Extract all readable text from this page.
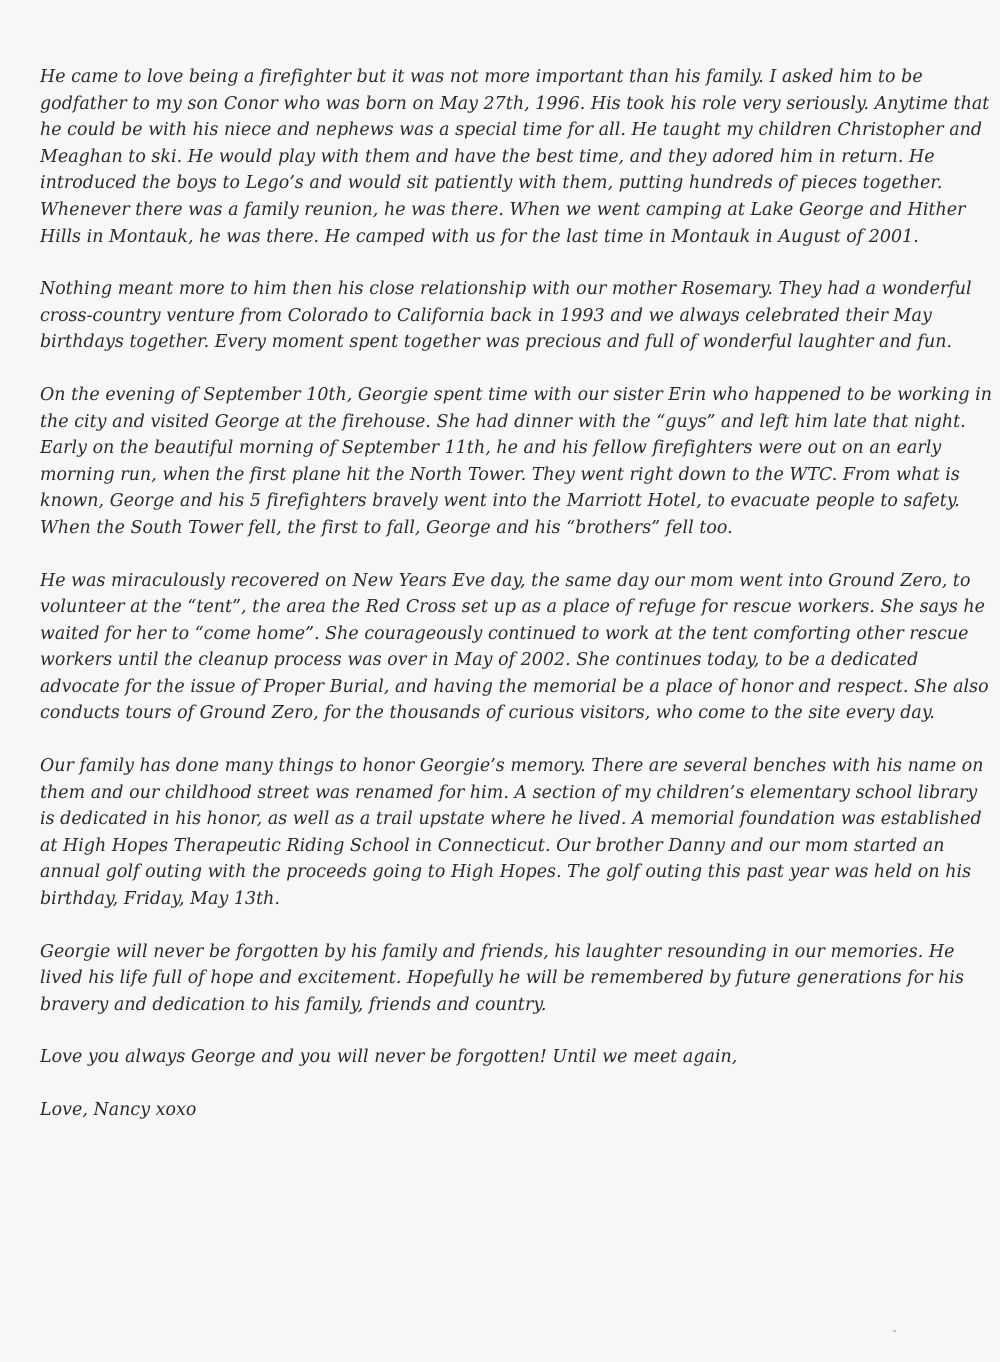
He came to love being a firefighter but it was not more important than his family. I asked him to be godfather to my son Conor who was born on May 27th, 1996. His took his role very seriously. Anytime that he could be with his niece and nephews was a special time for all. He taught my children Christopher and Meaghan to ski. He would play with them and have the best time, and they adored him in return. He introduced the boys to Lego’s and would sit patiently with them, putting hundreds of pieces together. Whenever there was a family reunion, he was there. When we went camping at Lake George and Hither Hills in Montauk, he was there. He camped with us for the last time in Montauk in August of 2001.

Nothing meant more to him then his close relationship with our mother Rosemary. They had a wonderful cross-country venture from Colorado to California back in 1993 and we always celebrated their May birthdays together. Every moment spent together was precious and full of wonderful laughter and fun.

On the evening of September 10th, Georgie spent time with our sister Erin who happened to be working in the city and visited George at the firehouse. She had dinner with the “guys” and left him late that night. Early on the beautiful morning of September 11th, he and his fellow firefighters were out on an early morning run, when the first plane hit the North Tower. They went right down to the WTC. From what is known, George and his 5 firefighters bravely went into the Marriott Hotel, to evacuate people to safety. When the South Tower fell, the first to fall, George and his “brothers” fell too.

He was miraculously recovered on New Years Eve day, the same day our mom went into Ground Zero, to volunteer at the “tent”, the area the Red Cross set up as a place of refuge for rescue workers. She says he waited for her to “come home”. She courageously continued to work at the tent comforting other rescue workers until the cleanup process was over in May of 2002. She continues today, to be a dedicated advocate for the issue of Proper Burial, and having the memorial be a place of honor and respect. She also conducts tours of Ground Zero, for the thousands of curious visitors, who come to the site every day.

Our family has done many things to honor Georgie’s memory. There are several benches with his name on them and our childhood street was renamed for him. A section of my children’s elementary school library is dedicated in his honor, as well as a trail upstate where he lived. A memorial foundation was established at High Hopes Therapeutic Riding School in Connecticut. Our brother Danny and our mom started an annual golf outing with the proceeds going to High Hopes. The golf outing this past year was held on his birthday, Friday, May 13th.

Georgie will never be forgotten by his family and friends, his laughter resounding in our memories. He lived his life full of hope and excitement. Hopefully he will be remembered by future generations for his bravery and dedication to his family, friends and country.

Love you always George and you will never be forgotten! Until we meet again,

Love, Nancy xoxo
